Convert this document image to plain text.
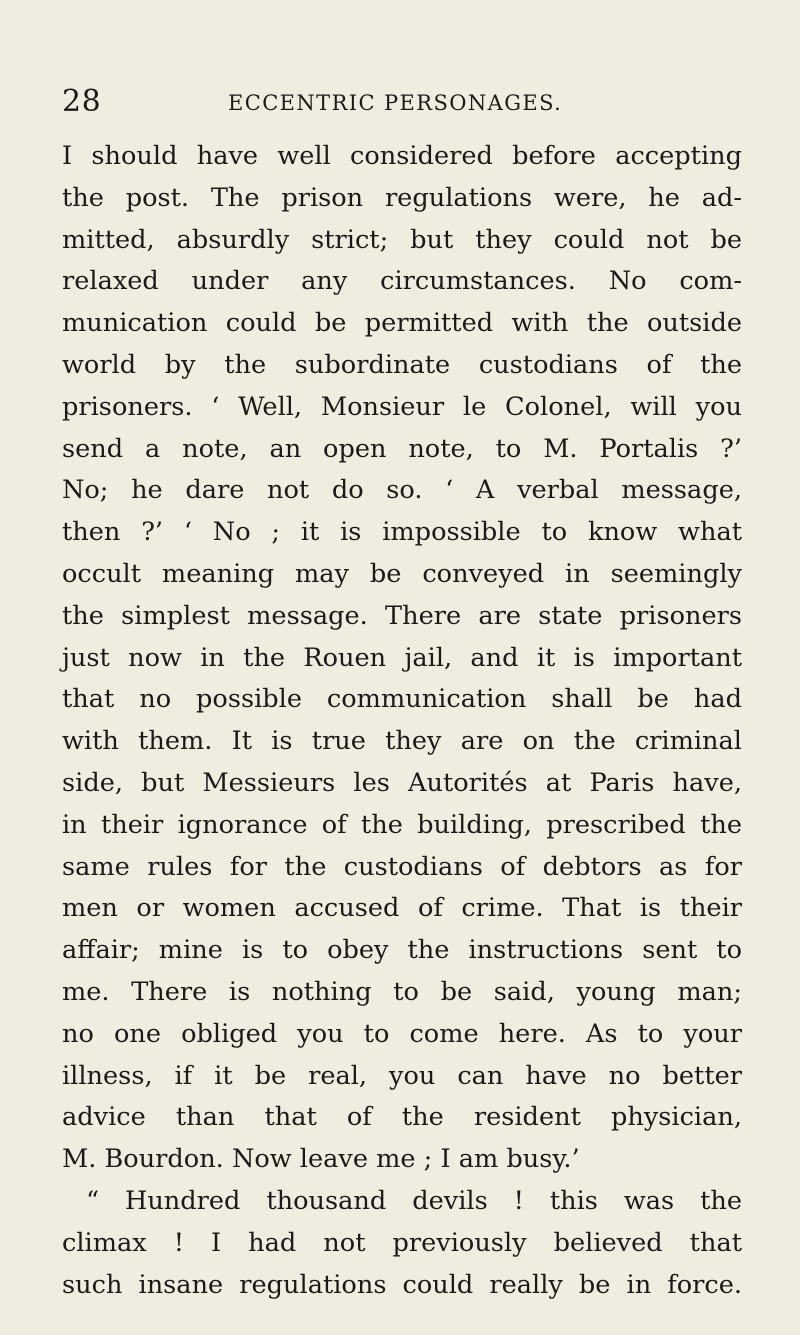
28	ECCENTRIC PERSONAGES.
I should have well considered before accepting
the post. The prison regulations were, he ad-
mitted, absurdly strict; but they could not be
relaxed under any circumstances. No com-
munication could be permitted with the outside
world by the subordinate custodians of the
prisoners. ‘ Well, Monsieur le Colonel, will you
send a note, an open note, to M. Portalis ?’
No; he dare not do so. ‘ A verbal message,
then ?’ ‘ No ; it is impossible to know what
occult meaning may be conveyed in seemingly
the simplest message. There are state prisoners
just now in the Rouen jail, and it is important
that no possible communication shall be had
with them. It is true they are on the criminal
side, but Messieurs les Autorités at Paris have,
in their ignorance of the building, prescribed the
same rules for the custodians of debtors as for
men or women accused of crime. That is their
affair; mine is to obey the instructions sent to
me. There is nothing to be said, young man;
no one obliged you to come here. As to your
illness, if it be real, you can have no better
advice than that of the resident physician,
M. Bourdon. Now leave me ; I am busy.’
“ Hundred thousand devils ! this was the
climax ! I had not previously believed that
such insane regulations could really be in force.
